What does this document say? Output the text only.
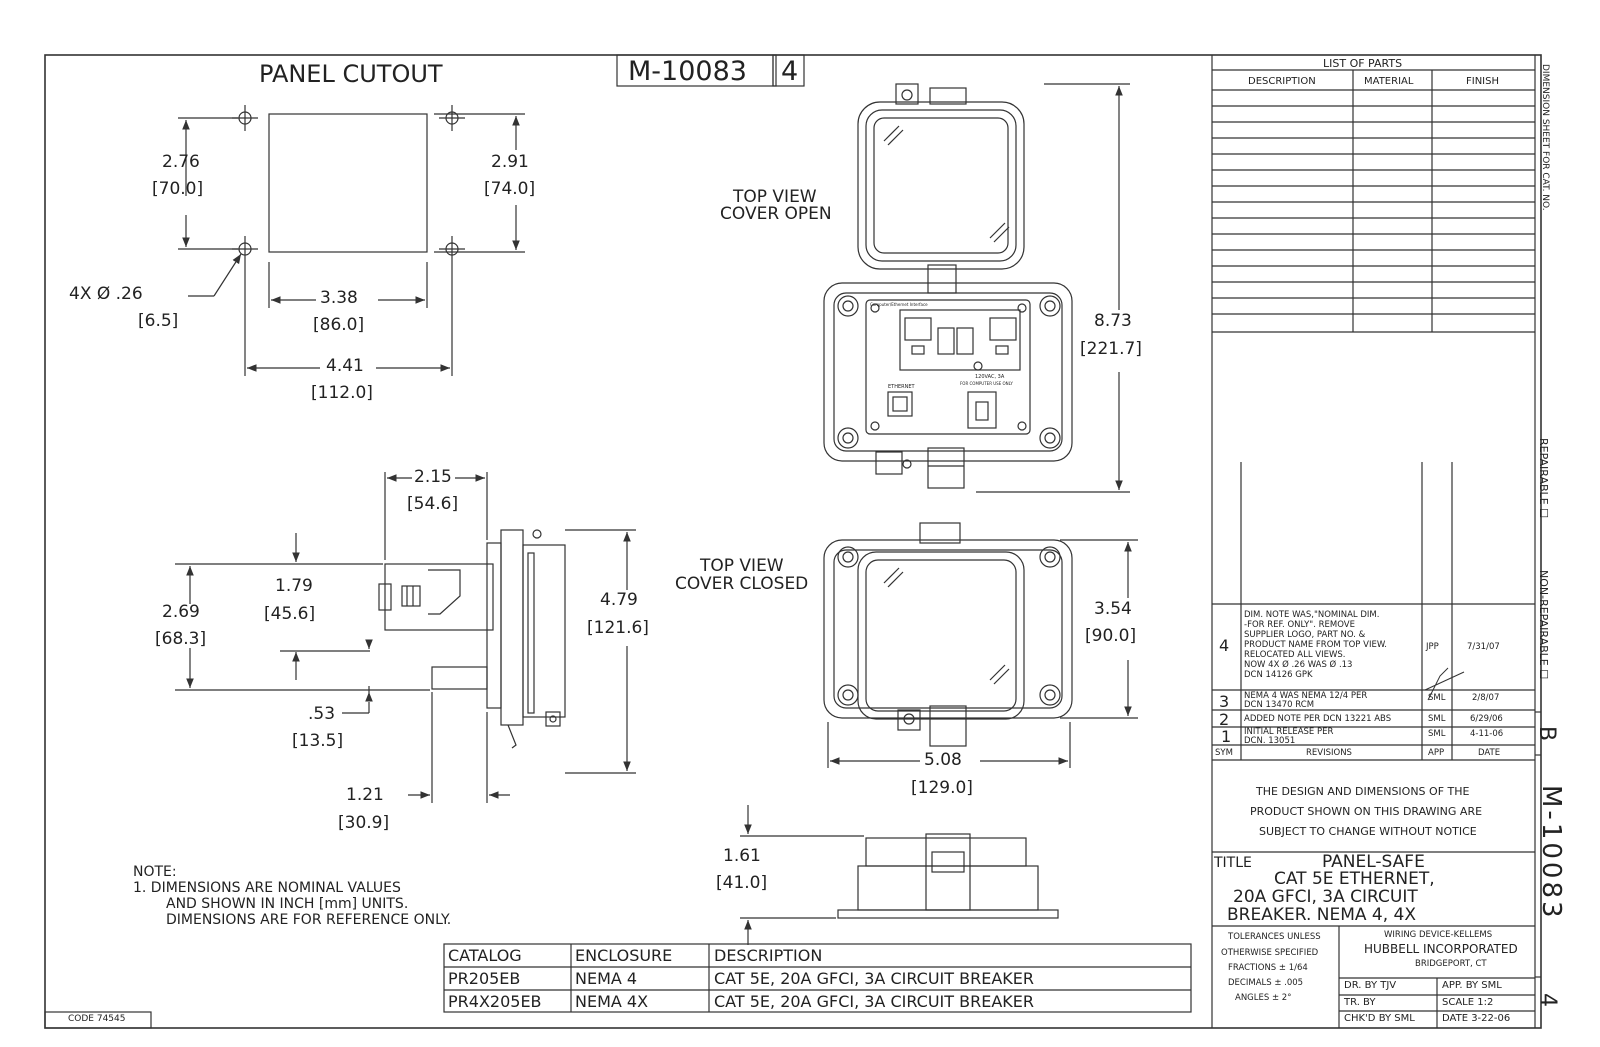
M-10083 4
PANEL CUTOUT
2.76
[70.0]
2.91
[74.0]
4X Ø .26
[6.5]
3.38
[86.0]
4.41
[112.0]
2.15
[54.6]
1.79
[45.6]
2.69
[68.3]
4.79
[121.6]
.53
[13.5]
1.21
[30.9]
TOP VIEW
COVER OPEN
8.73
[221.7]
Computer/Ethernet Interface
ETHERNET
120VAC, 3A
FOR COMPUTER USE ONLY
TOP VIEW
COVER CLOSED
3.54
[90.0]
5.08
[129.0]
1.61
[41.0]
NOTE:
1. DIMENSIONS ARE NOMINAL VALUES
AND SHOWN IN INCH [mm] UNITS.
DIMENSIONS ARE FOR REFERENCE ONLY.
CATALOG	ENCLOSURE	DESCRIPTION
PR205EB	NEMA 4	CAT 5E, 20A GFCI, 3A CIRCUIT BREAKER
PR4X205EB NEMA 4X	CAT 5E, 20A GFCI, 3A CIRCUIT BREAKER
CODE 74545
LIST OF PARTS
DESCRIPTION	MATERIAL	FINISH
4
DIM. NOTE WAS,"NOMINAL DIM.
-FOR REF. ONLY". REMOVE
SUPPLIER LOGO, PART NO. &
PRODUCT NAME FROM TOP VIEW.
RELOCATED ALL VIEWS.
NOW 4X Ø .26 WAS Ø .13
DCN 14126 GPK
JPP	7/31/07
3 NEMA 4 WAS NEMA 12/4 PER
DCN 13470 RCM
SML	2/8/07
2 ADDED NOTE PER DCN 13221 ABS	SML	6/29/06
1 INITIAL RELEASE PER
DCN. 13051
SML	4-11-06
SYM	REVISIONS	APP	DATE
THE DESIGN AND DIMENSIONS OF THE
PRODUCT SHOWN ON THIS DRAWING ARE
SUBJECT TO CHANGE WITHOUT NOTICE
TITLE	PANEL-SAFE
CAT 5E ETHERNET,
20A GFCI, 3A CIRCUIT
BREAKER. NEMA 4, 4X
TOLERANCES UNLESS
OTHERWISE SPECIFIED
FRACTIONS ± 1/64
DECIMALS ± .005
ANGLES ± 2°
WIRING DEVICE-KELLEMS
HUBBELL INCORPORATED
BRIDGEPORT, CT
DR. BY TJV	APP. BY SML
TR. BY	SCALE 1:2
CHK'D BY SML	DATE 3-22-06
DIMENSION SHEET FOR CAT. NO.
REPAIRABLE ☐
NON-REPAIRABLE ☐
B
M-10083
4
